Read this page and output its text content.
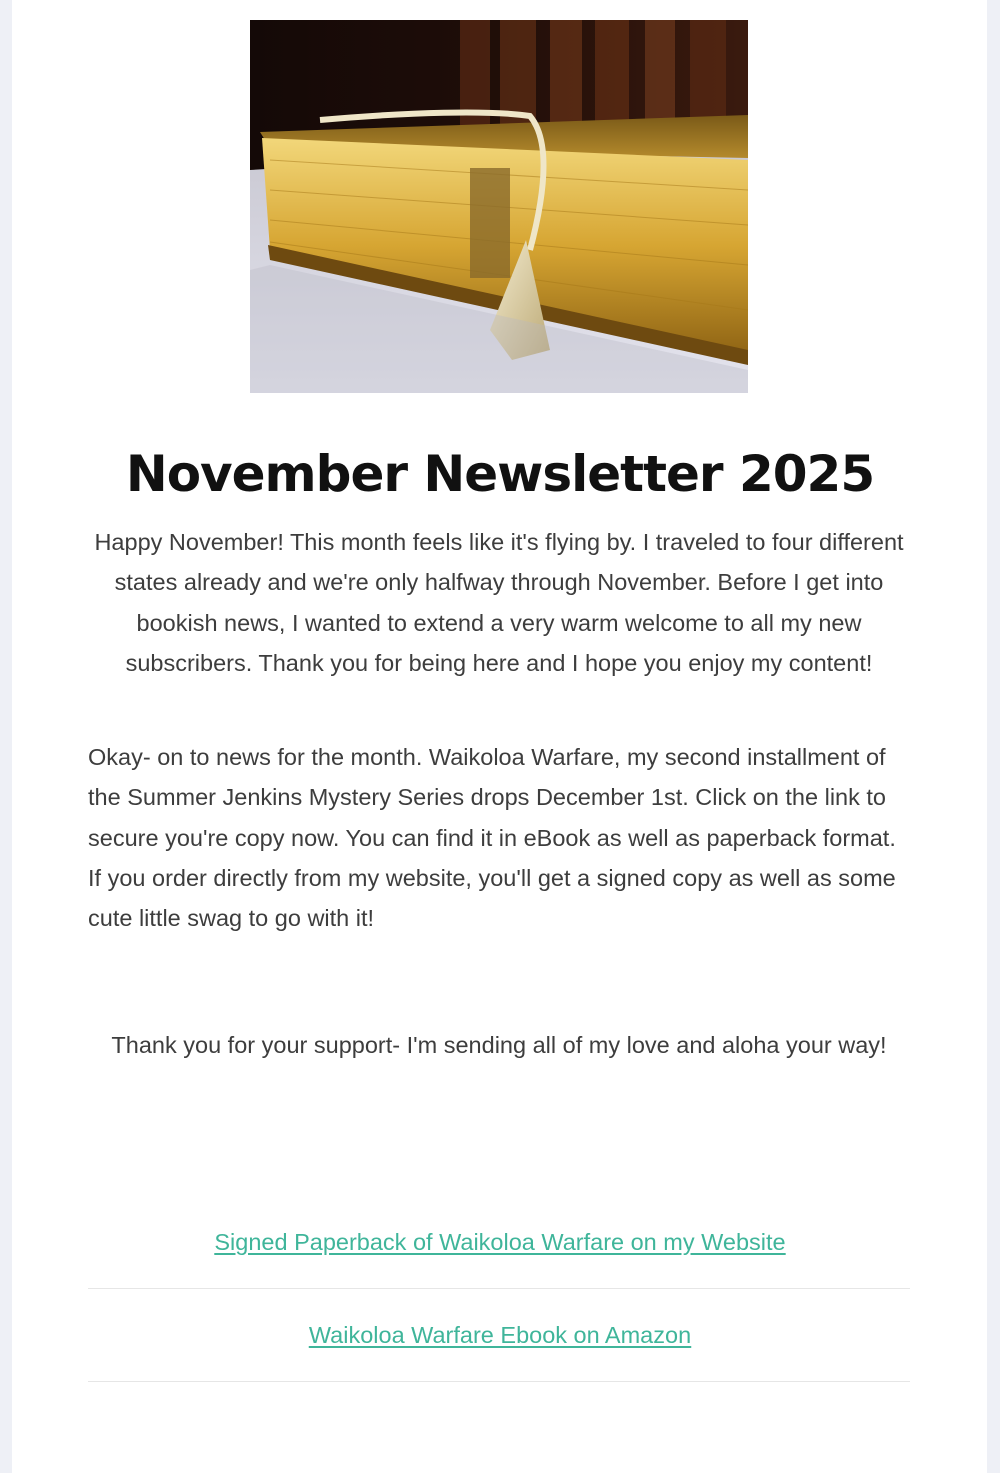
November Newsletter 2025
Happy November! This month feels like it's flying by. I traveled to four different states already and we're only halfway through November. Before I get into bookish news, I wanted to extend a very warm welcome to all my new subscribers. Thank you for being here and I hope you enjoy my content!
Okay- on to news for the month. Waikoloa Warfare, my second installment of the Summer Jenkins Mystery Series drops December 1st. Click on the link to secure you're copy now. You can find it in eBook as well as paperback format. If you order directly from my website, you'll get a signed copy as well as some cute little swag to go with it!
Thank you for your support- I'm sending all of my love and aloha your way!
Signed Paperback of Waikoloa Warfare on my Website
Waikoloa Warfare Ebook on Amazon
